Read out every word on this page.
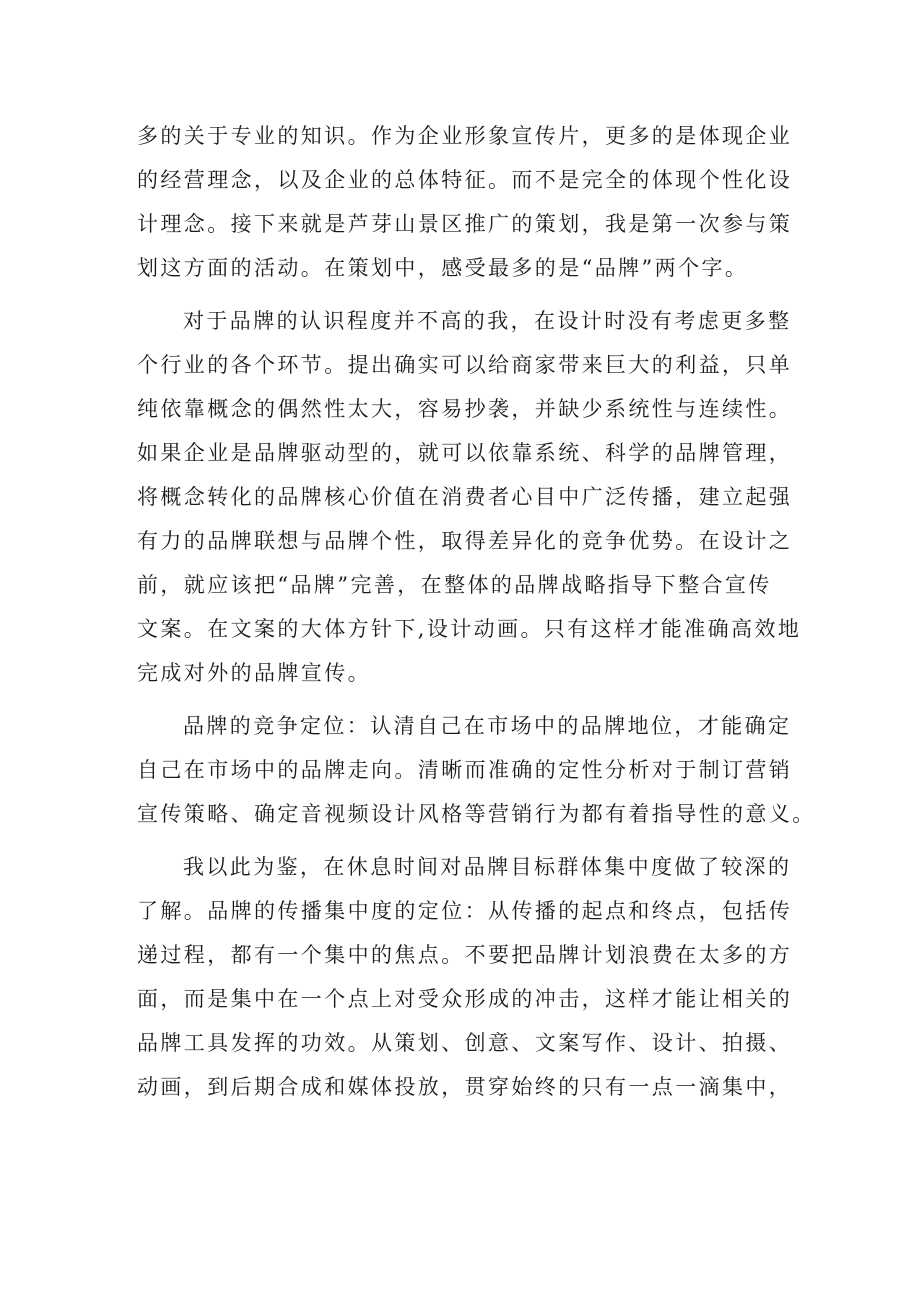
多的关于专业的知识。作为企业形象宣传片，更多的是体现企业
的经营理念，以及企业的总体特征。而不是完全的体现个性化设
计理念。接下来就是芦芽山景区推广的策划，我是第一次参与策
划这方面的活动。在策划中，感受最多的是“品牌”两个字。
对于品牌的认识程度并不高的我，在设计时没有考虑更多整
个行业的各个环节。提出确实可以给商家带来巨大的利益，只单
纯依靠概念的偶然性太大，容易抄袭，并缺少系统性与连续性。
如果企业是品牌驱动型的，就可以依靠系统、科学的品牌管理，
将概念转化的品牌核心价值在消费者心目中广泛传播，建立起强
有力的品牌联想与品牌个性，取得差异化的竞争优势。在设计之
前，就应该把“品牌”完善，在整体的品牌战略指导下整合宣传
文案。在文案的大体方针下,设计动画。只有这样才能准确高效地
完成对外的品牌宣传。
品牌的竞争定位：认清自己在市场中的品牌地位，才能确定
自己在市场中的品牌走向。清晰而准确的定性分析对于制订营销
宣传策略、确定音视频设计风格等营销行为都有着指导性的意义。
我以此为鉴，在休息时间对品牌目标群体集中度做了较深的
了解。品牌的传播集中度的定位：从传播的起点和终点，包括传
递过程，都有一个集中的焦点。不要把品牌计划浪费在太多的方
面，而是集中在一个点上对受众形成的冲击，这样才能让相关的
品牌工具发挥的功效。从策划、创意、文案写作、设计、拍摄、
动画，到后期合成和媒体投放，贯穿始终的只有一点一滴集中，
